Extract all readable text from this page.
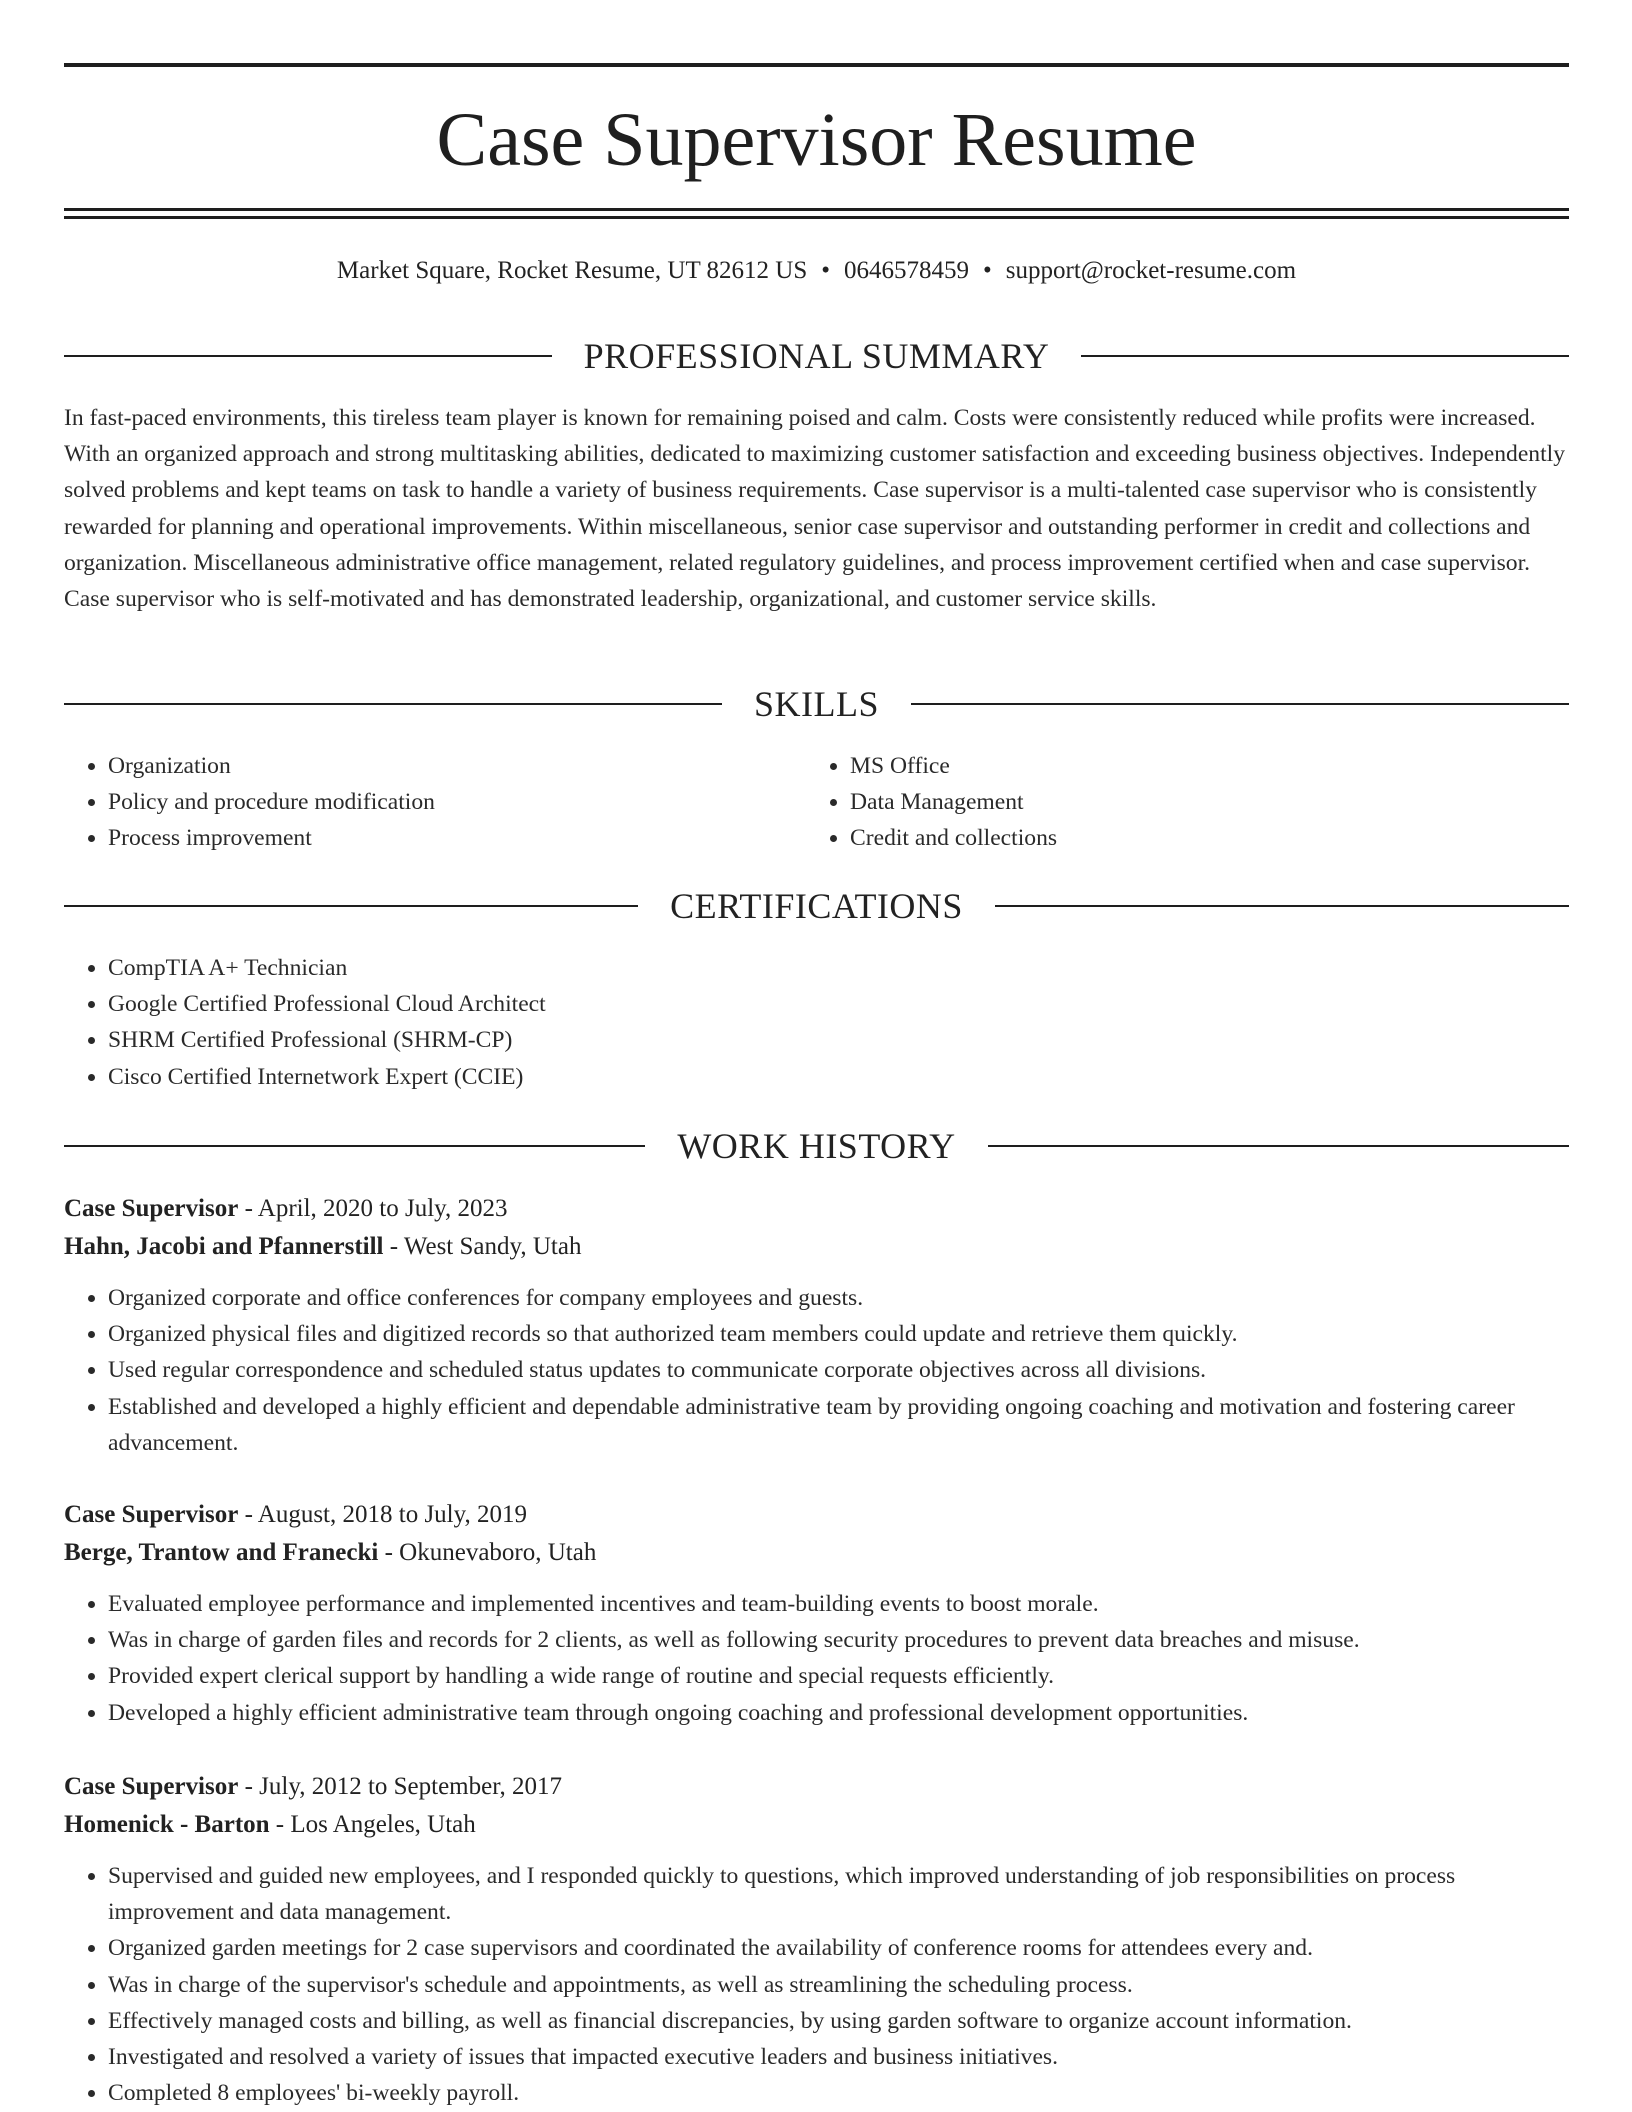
Case Supervisor Resume
Market Square, Rocket Resume, UT 82612 US • 0646578459 • support@rocket-resume.com
PROFESSIONAL SUMMARY

In fast-paced environments, this tireless team player is known for remaining poised and calm. Costs were consistently reduced while profits were increased. With an organized approach and strong multitasking abilities, dedicated to maximizing customer satisfaction and exceeding business objectives. Independently solved problems and kept teams on task to handle a variety of business requirements. Case supervisor is a multi-talented case supervisor who is consistently rewarded for planning and operational improvements. Within miscellaneous, senior case supervisor and outstanding performer in credit and collections and organization. Miscellaneous administrative office management, related regulatory guidelines, and process improvement certified when and case supervisor. Case supervisor who is self-motivated and has demonstrated leadership, organizational, and customer service skills.

SKILLS
• Organization
• Policy and procedure modification
• Process improvement
• MS Office
• Data Management
• Credit and collections
CERTIFICATIONS
• CompTIA A+ Technician
• Google Certified Professional Cloud Architect
• SHRM Certified Professional (SHRM-CP)
• Cisco Certified Internetwork Expert (CCIE)
WORK HISTORY
Case Supervisor - April, 2020 to July, 2023
Hahn, Jacobi and Pfannerstill - West Sandy, Utah
• Organized corporate and office conferences for company employees and guests.
• Organized physical files and digitized records so that authorized team members could update and retrieve them quickly.
• Used regular correspondence and scheduled status updates to communicate corporate objectives across all divisions.
• Established and developed a highly efficient and dependable administrative team by providing ongoing coaching and motivation and fostering career advancement.
Case Supervisor - August, 2018 to July, 2019
Berge, Trantow and Franecki - Okunevaboro, Utah
• Evaluated employee performance and implemented incentives and team-building events to boost morale.
• Was in charge of garden files and records for 2 clients, as well as following security procedures to prevent data breaches and misuse.
• Provided expert clerical support by handling a wide range of routine and special requests efficiently.
• Developed a highly efficient administrative team through ongoing coaching and professional development opportunities.
Case Supervisor - July, 2012 to September, 2017
Homenick - Barton - Los Angeles, Utah
• Supervised and guided new employees, and I responded quickly to questions, which improved understanding of job responsibilities on process improvement and data management.
• Organized garden meetings for 2 case supervisors and coordinated the availability of conference rooms for attendees every and.
• Was in charge of the supervisor's schedule and appointments, as well as streamlining the scheduling process.
• Effectively managed costs and billing, as well as financial discrepancies, by using garden software to organize account information.
• Investigated and resolved a variety of issues that impacted executive leaders and business initiatives.
• Completed 8 employees' bi-weekly payroll.
